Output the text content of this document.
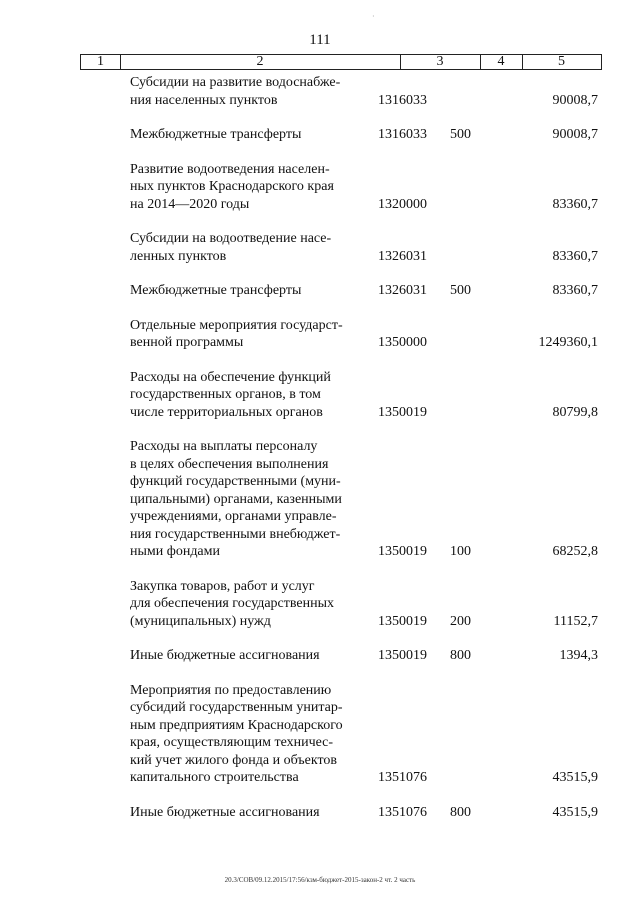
111
·
1	2	3	4	5
Субсидии на развитие водоснабже-
ния населенных пунктов	1316033	90008,7
Межбюджетные трансферты	1316033 500	90008,7
Развитие водоотведения населен-
ных пунктов Краснодарского края
на 2014—2020 годы	1320000	83360,7
Субсидии на водоотведение насе-
ленных пунктов	1326031	83360,7
Межбюджетные трансферты	1326031 500	83360,7
Отдельные мероприятия государст-
венной программы	1350000	1249360,1
Расходы на обеспечение функций
государственных органов, в том
числе территориальных органов	1350019	80799,8
Расходы на выплаты персоналу
в целях обеспечения выполнения
функций государственными (муни-
ципальными) органами, казенными
учреждениями, органами управле-
ния государственными внебюджет-
ными фондами	1350019 100	68252,8
Закупка товаров, работ и услуг
для обеспечения государственных
(муниципальных) нужд	1350019 200	11152,7
Иные бюджетные ассигнования	1350019 800	1394,3
Мероприятия по предоставлению
субсидий государственным унитар-
ным предприятиям Краснодарского
края, осуществляющим техничес-
кий учет жилого фонда и объектов
капитального строительства	1351076	43515,9
Иные бюджетные ассигнования	1351076 800	43515,9
20.3/СОВ/09.12.2015/17:56/кзм-бюджет-2015-закон-2 чт. 2 часть
